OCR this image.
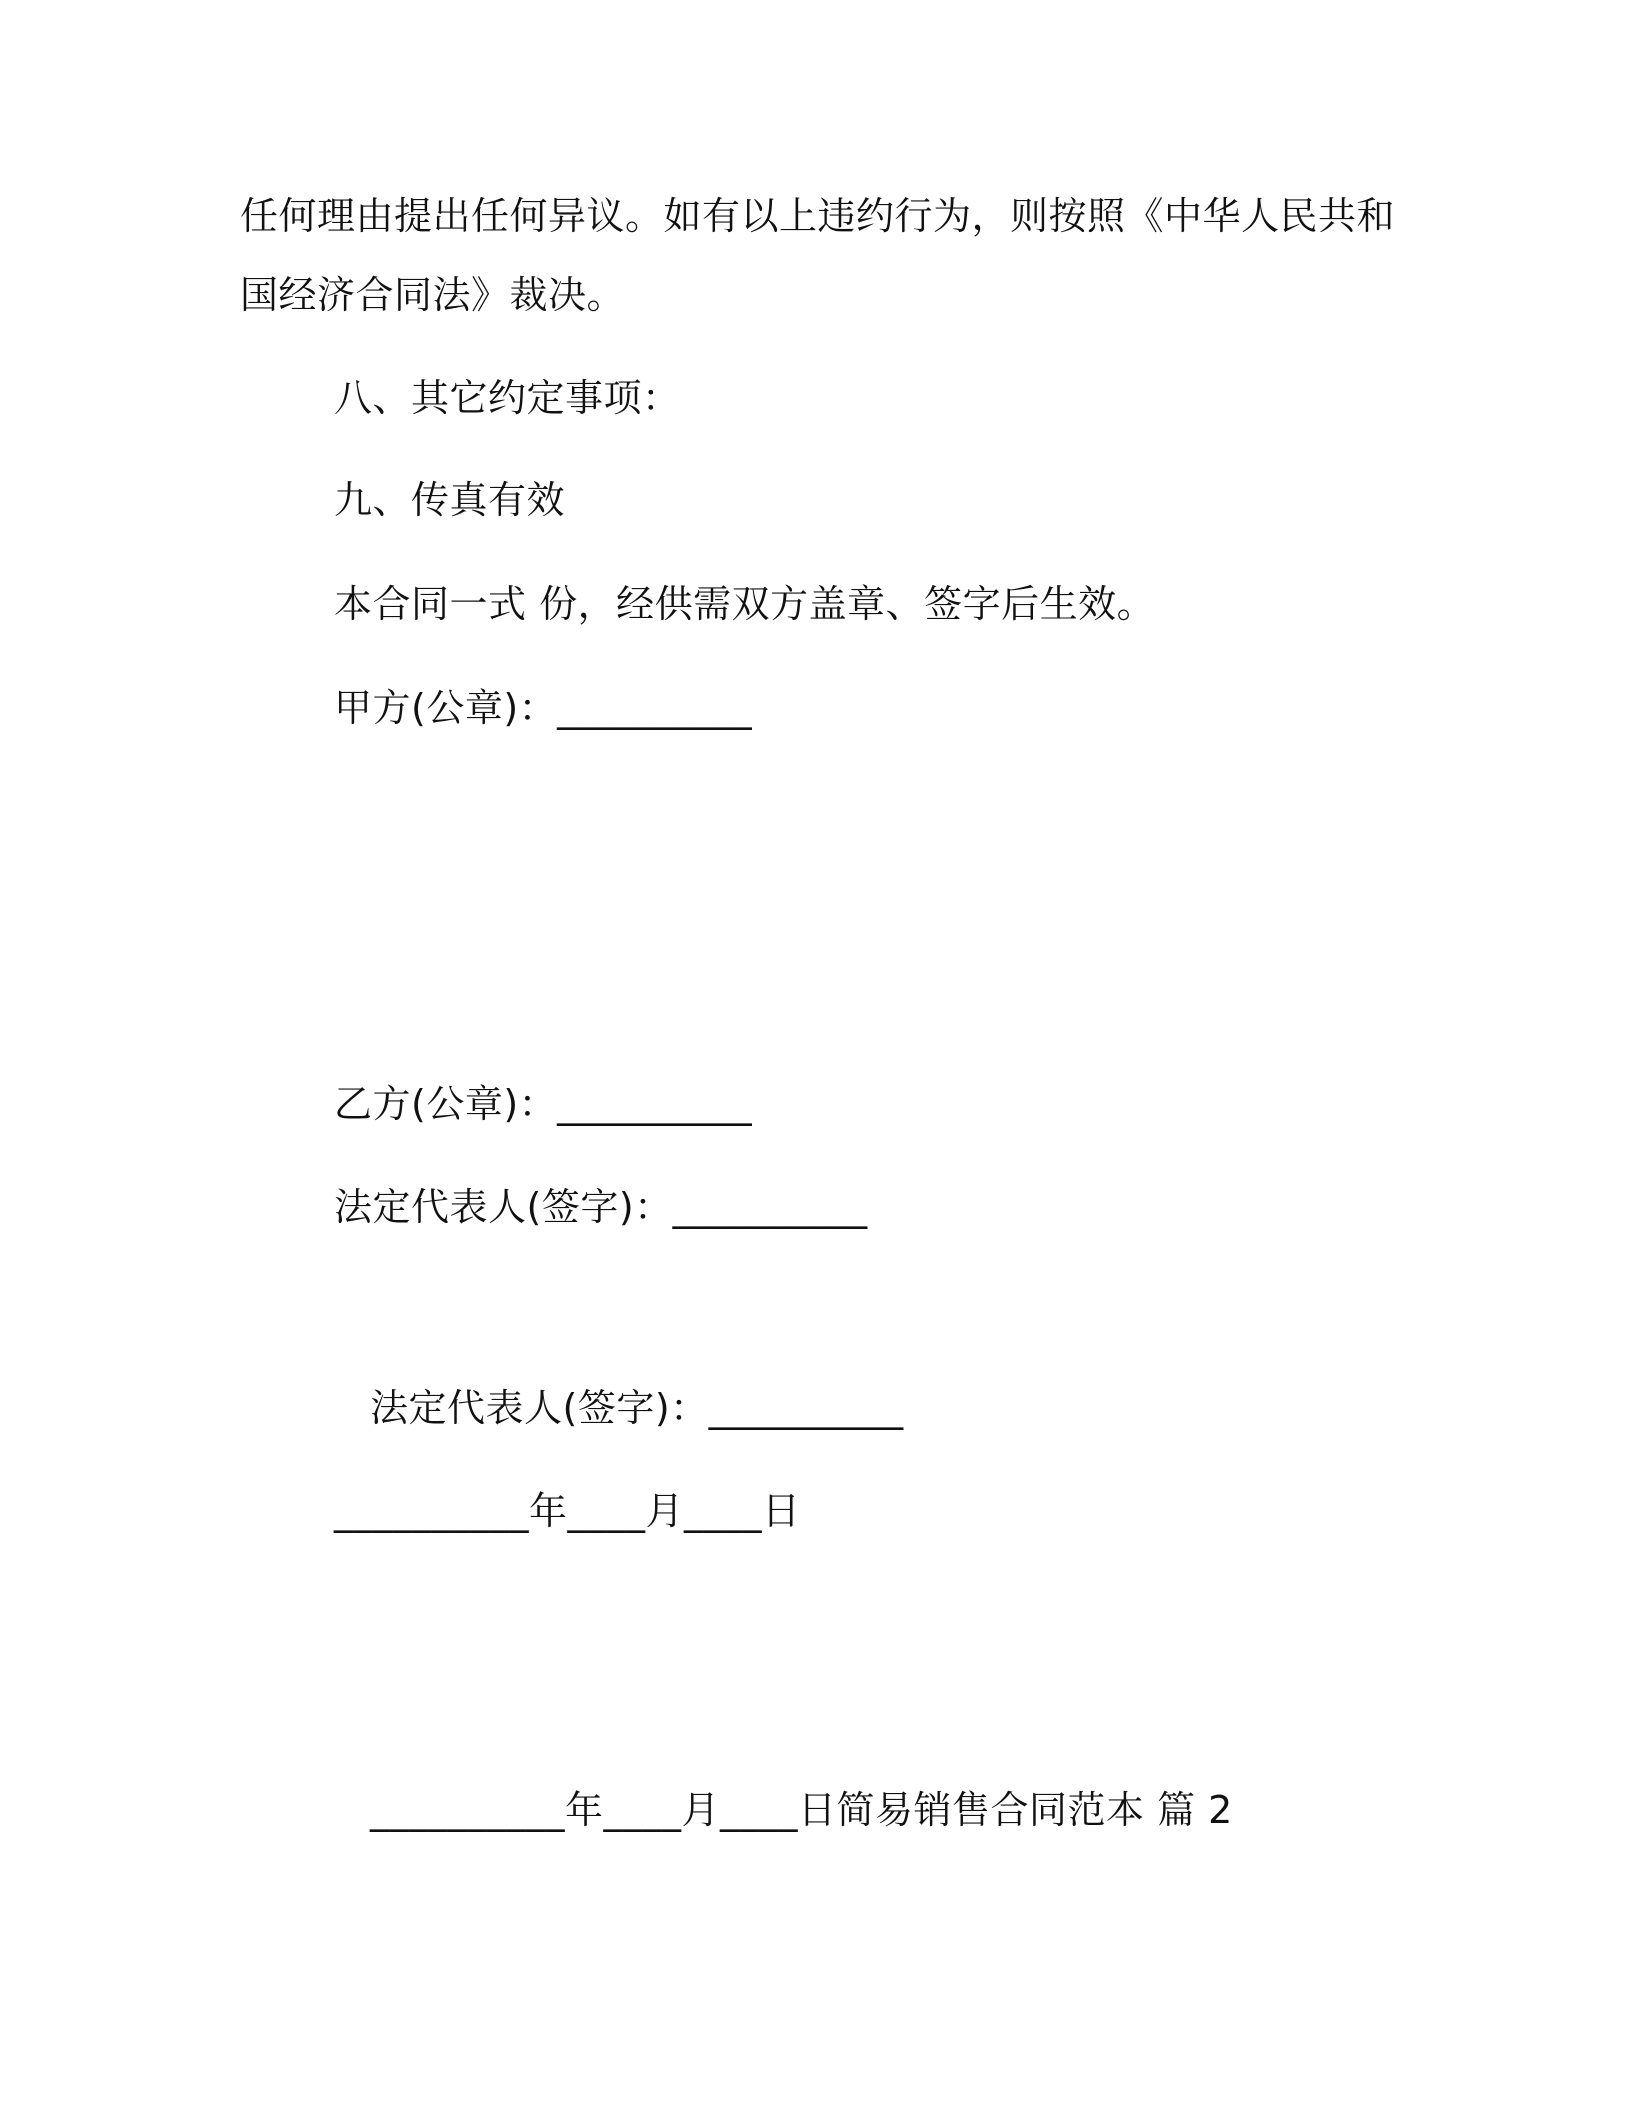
任何理由提出任何异议。如有以上违约行为，则按照《中华人民共和
国经济合同法》裁决。
八、其它约定事项：
九、传真有效
本合同一式 份，经供需双方盖章、签字后生效。
甲方(公章)：__________
乙方(公章)：__________
法定代表人(签字)：__________
法定代表人(签字)：__________
__________年____月____日
__________年____月____日简易销售合同范本 篇 2
